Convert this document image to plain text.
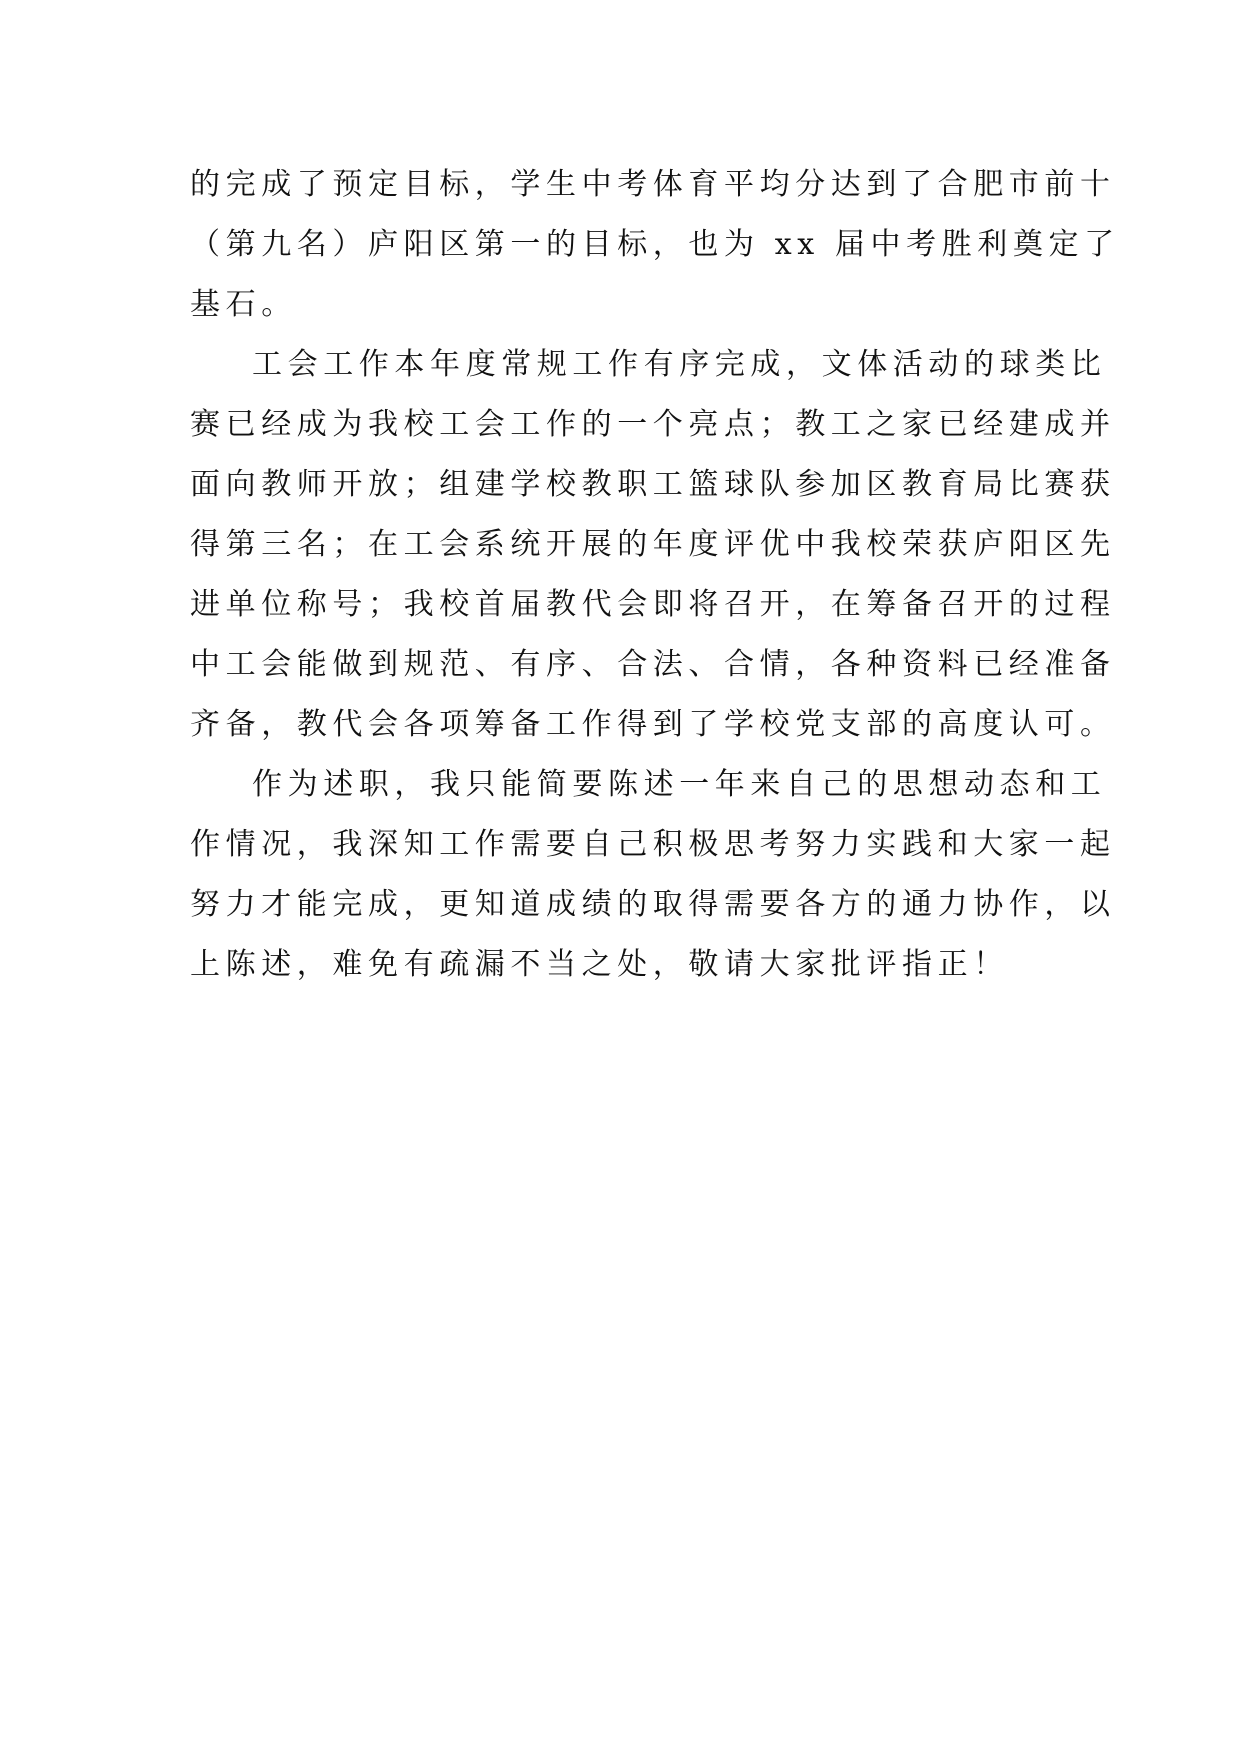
的完成了预定目标，学生中考体育平均分达到了合肥市前十
（第九名）庐阳区第一的目标，也为 xx 届中考胜利奠定了
基石。
工会工作本年度常规工作有序完成，文体活动的球类比
赛已经成为我校工会工作的一个亮点；教工之家已经建成并
面向教师开放；组建学校教职工篮球队参加区教育局比赛获
得第三名；在工会系统开展的年度评优中我校荣获庐阳区先
进单位称号；我校首届教代会即将召开，在筹备召开的过程
中工会能做到规范、有序、合法、合情，各种资料已经准备
齐备，教代会各项筹备工作得到了学校党支部的高度认可。
作为述职，我只能简要陈述一年来自己的思想动态和工
作情况，我深知工作需要自己积极思考努力实践和大家一起
努力才能完成，更知道成绩的取得需要各方的通力协作，以
上陈述，难免有疏漏不当之处，敬请大家批评指正！
